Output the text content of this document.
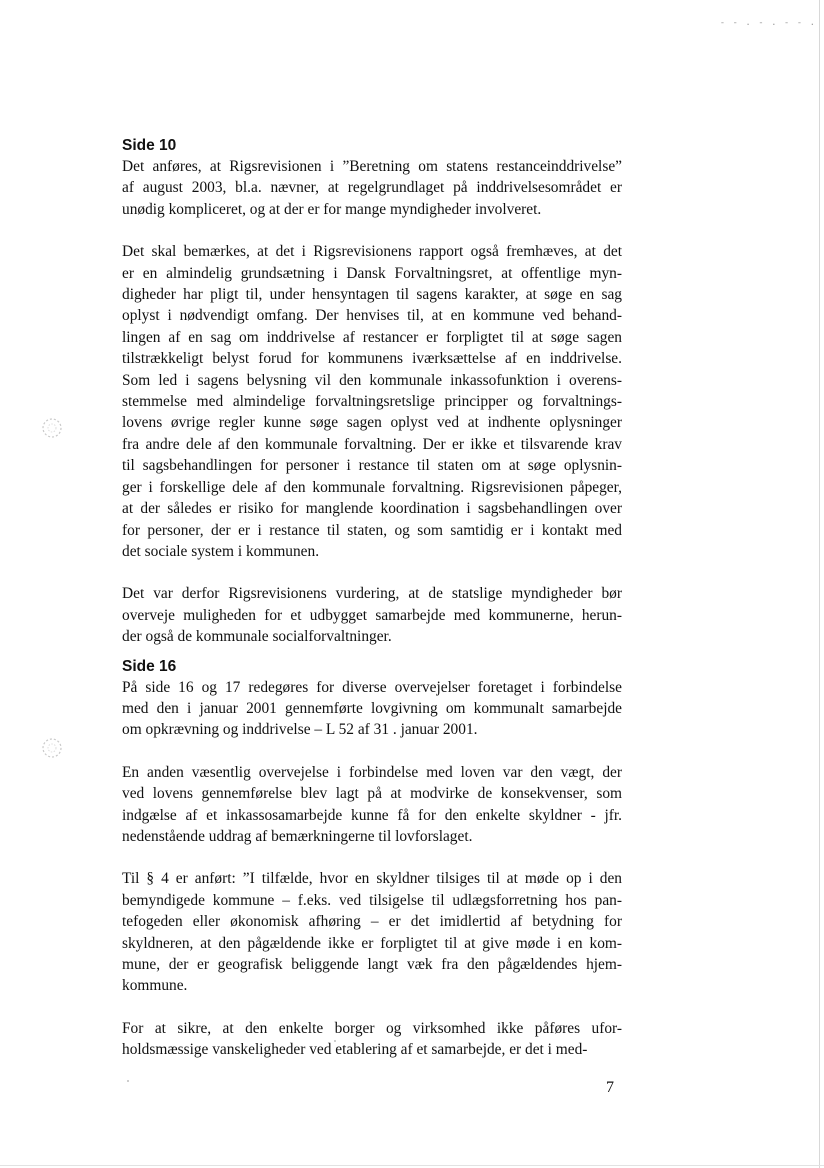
- - . - . - - .
Side 10

Det anføres, at Rigsrevisionen i ”Beretning om statens restanceinddrivelse”
af august 2003, bl.a. nævner, at regelgrundlaget på inddrivelsesområdet er
unødig kompliceret, og at der er for mange myndigheder involveret.

Det skal bemærkes, at det i Rigsrevisionens rapport også fremhæves, at det
er en almindelig grundsætning i Dansk Forvaltningsret, at offentlige myn-
digheder har pligt til, under hensyntagen til sagens karakter, at søge en sag
oplyst i nødvendigt omfang. Der henvises til, at en kommune ved behand-
lingen af en sag om inddrivelse af restancer er forpligtet til at søge sagen
tilstrækkeligt belyst forud for kommunens iværksættelse af en inddrivelse.
Som led i sagens belysning vil den kommunale inkassofunktion i overens-
stemmelse med almindelige forvaltningsretslige principper og forvaltnings-
lovens øvrige regler kunne søge sagen oplyst ved at indhente oplysninger
fra andre dele af den kommunale forvaltning. Der er ikke et tilsvarende krav
til sagsbehandlingen for personer i restance til staten om at søge oplysnin-
ger i forskellige dele af den kommunale forvaltning. Rigsrevisionen påpeger,
at der således er risiko for manglende koordination i sagsbehandlingen over
for personer, der er i restance til staten, og som samtidig er i kontakt med
det sociale system i kommunen.

Det var derfor Rigsrevisionens vurdering, at de statslige myndigheder bør
overveje muligheden for et udbygget samarbejde med kommunerne, herun-
der også de kommunale socialforvaltninger.

Side 16

På side 16 og 17 redegøres for diverse overvejelser foretaget i forbindelse
med den i januar 2001 gennemførte lovgivning om kommunalt samarbejde
om opkrævning og inddrivelse – L 52 af 31 . januar 2001.

En anden væsentlig overvejelse i forbindelse med loven var den vægt, der
ved lovens gennemførelse blev lagt på at modvirke de konsekvenser, som
indgælse af et inkassosamarbejde kunne få for den enkelte skyldner - jfr.
nedenstående uddrag af bemærkningerne til lovforslaget.

Til § 4 er anført: ”I tilfælde, hvor en skyldner tilsiges til at møde op i den
bemyndigede kommune – f.eks. ved tilsigelse til udlægsforretning hos pan-
tefogeden eller økonomisk afhøring – er det imidlertid af betydning for
skyldneren, at den pågældende ikke er forpligtet til at give møde i en kom-
mune, der er geografisk beliggende langt væk fra den pågældendes hjem-
kommune.

For at sikre, at den enkelte borger og virksomhed ikke påføres ufor-
holdsmæssige vanskeligheder ved etablering af et samarbejde, er det i med-

7
